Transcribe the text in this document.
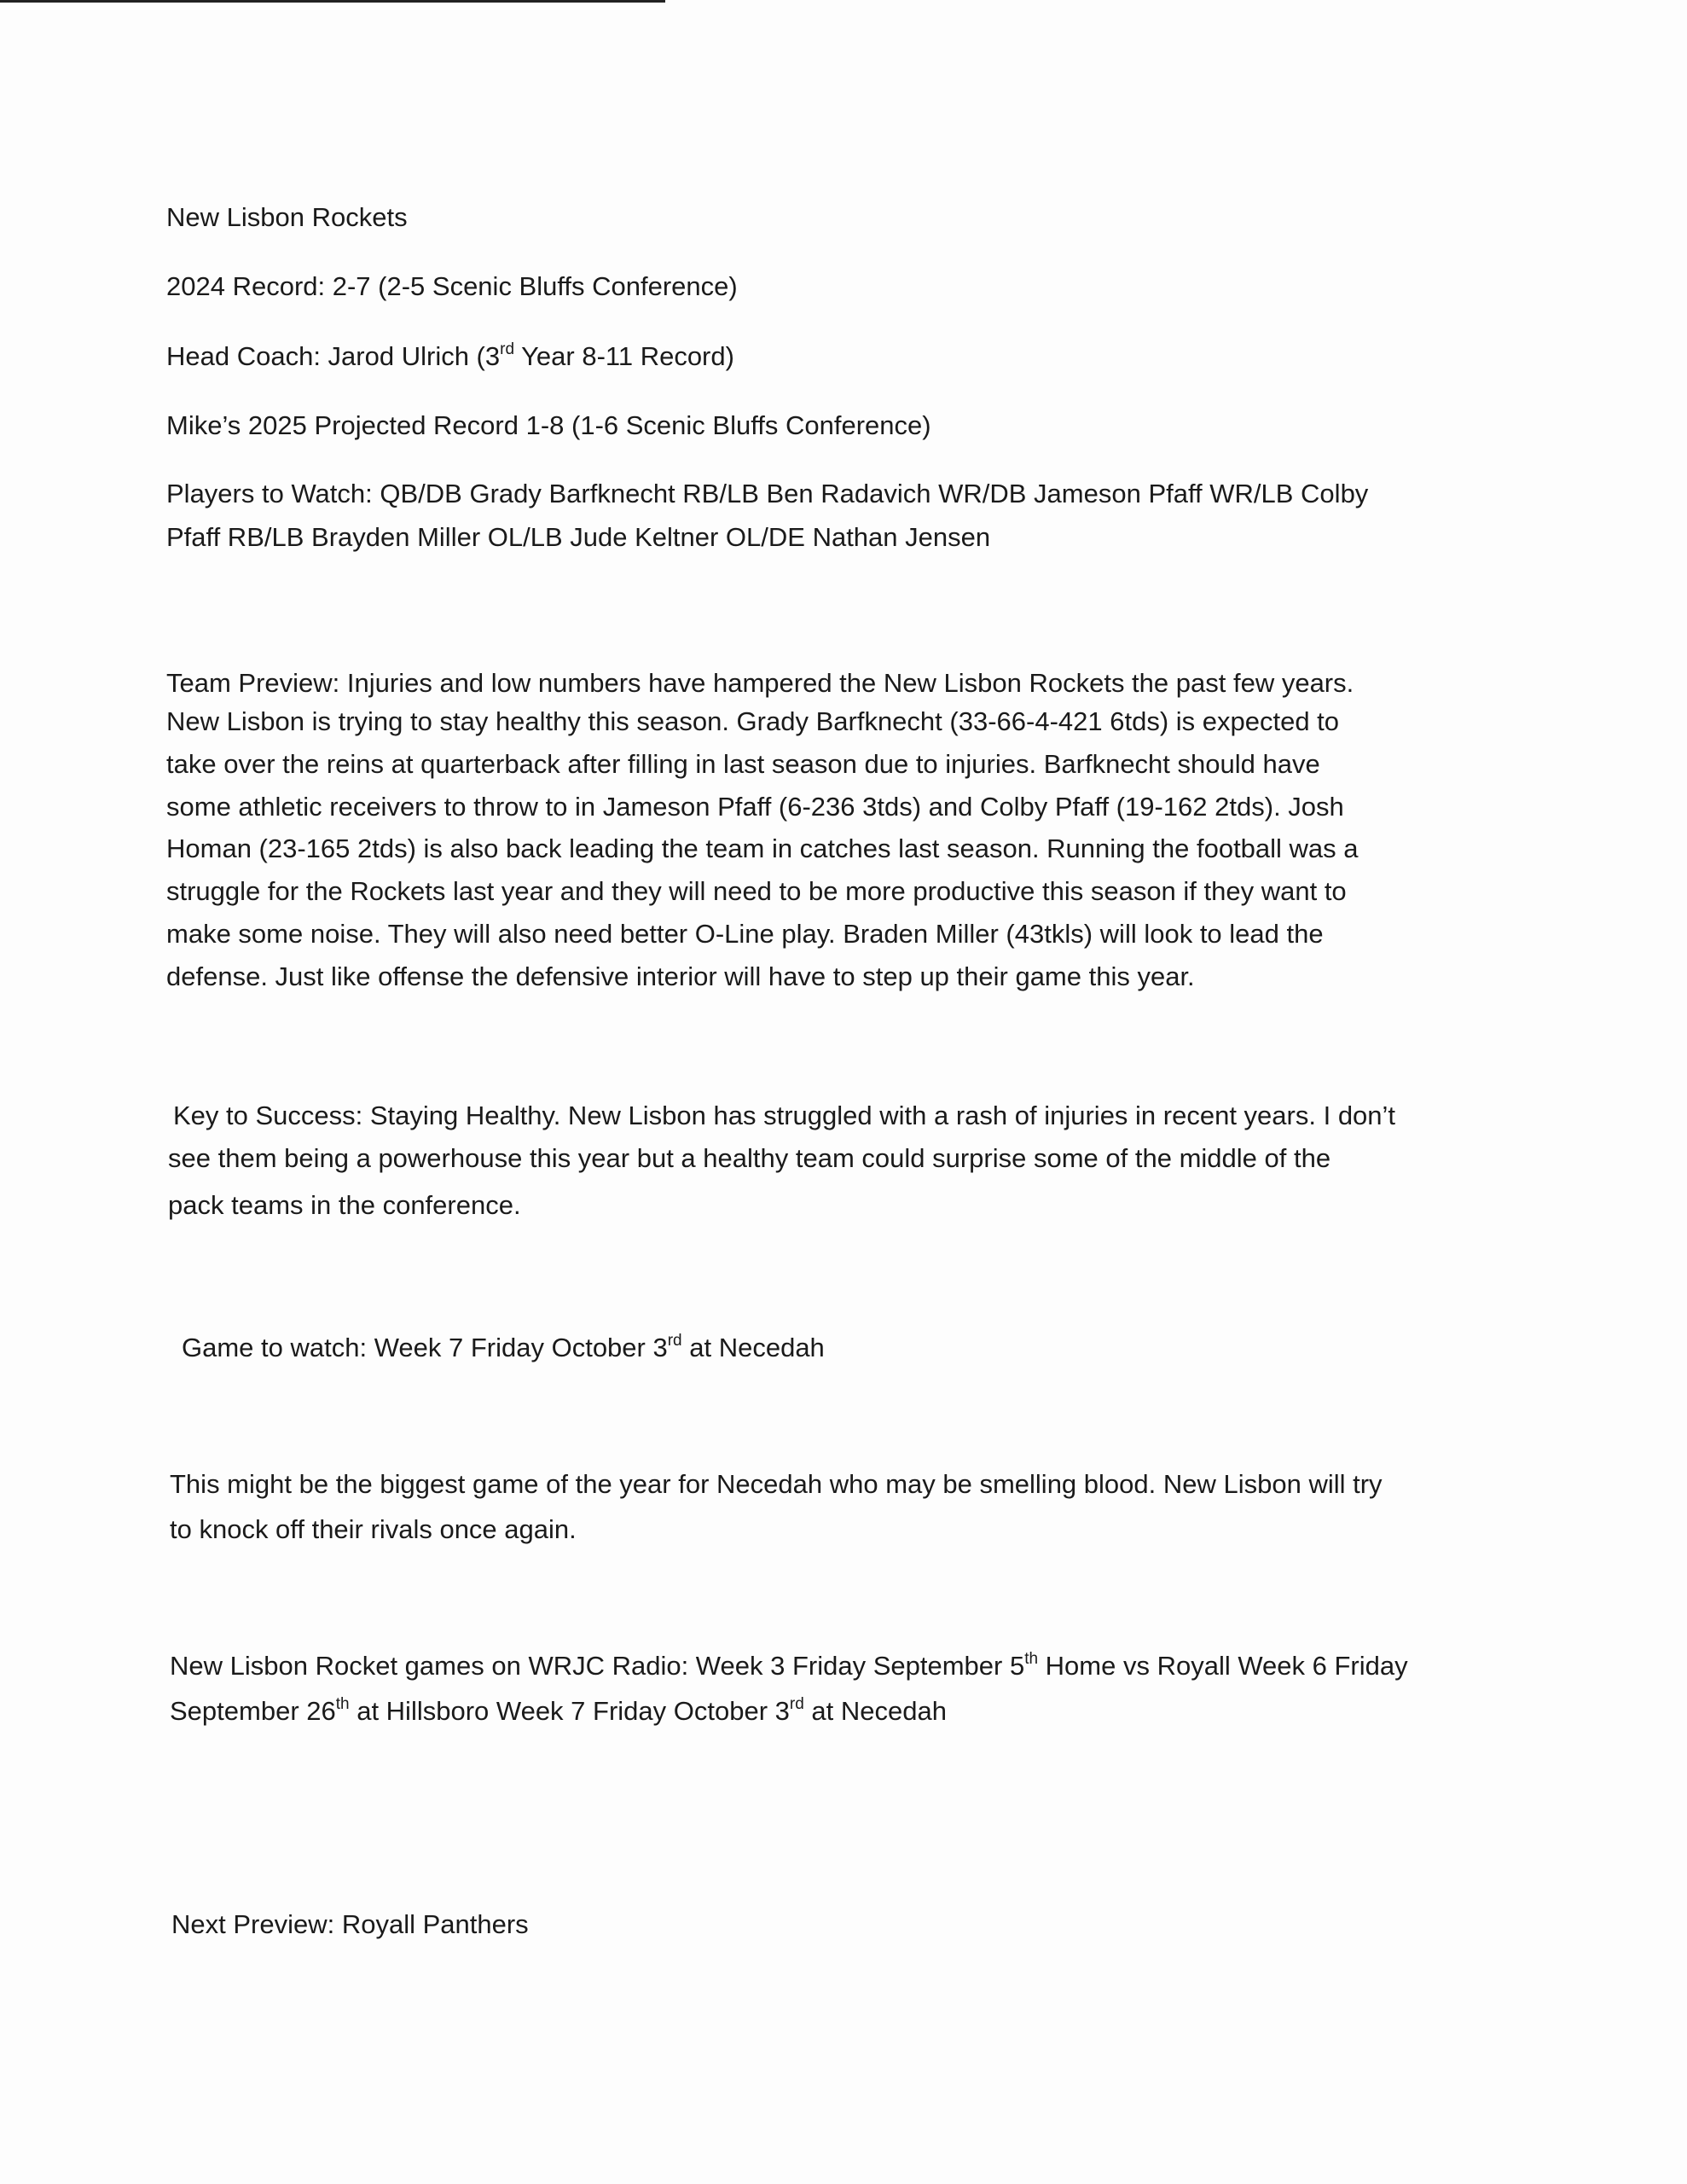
New Lisbon Rockets

2024 Record: 2-7 (2-5 Scenic Bluffs Conference)

Head Coach: Jarod Ulrich (3rd Year 8-11 Record)

Mike’s 2025 Projected Record 1-8 (1-6 Scenic Bluffs Conference)

Players to Watch: QB/DB Grady Barfknecht RB/LB Ben Radavich WR/DB Jameson Pfaff WR/LB Colby

Pfaff RB/LB Brayden Miller OL/LB Jude Keltner OL/DE Nathan Jensen

Team Preview: Injuries and low numbers have hampered the New Lisbon Rockets the past few years.

New Lisbon is trying to stay healthy this season. Grady Barfknecht (33-66-4-421 6tds) is expected to

take over the reins at quarterback after filling in last season due to injuries. Barfknecht should have

some athletic receivers to throw to in Jameson Pfaff (6-236 3tds) and Colby Pfaff (19-162 2tds). Josh

Homan (23-165 2tds) is also back leading the team in catches last season. Running the football was a

struggle for the Rockets last year and they will need to be more productive this season if they want to

make some noise. They will also need better O-Line play. Braden Miller (43tkls) will look to lead the

defense. Just like offense the defensive interior will have to step up their game this year.

Key to Success: Staying Healthy. New Lisbon has struggled with a rash of injuries in recent years. I don’t

see them being a powerhouse this year but a healthy team could surprise some of the middle of the

pack teams in the conference.

Game to watch: Week 7 Friday October 3rd at Necedah

This might be the biggest game of the year for Necedah who may be smelling blood. New Lisbon will try

to knock off their rivals once again.

New Lisbon Rocket games on WRJC Radio: Week 3 Friday September 5th Home vs Royall Week 6 Friday

September 26th at Hillsboro Week 7 Friday October 3rd at Necedah

Next Preview: Royall Panthers
